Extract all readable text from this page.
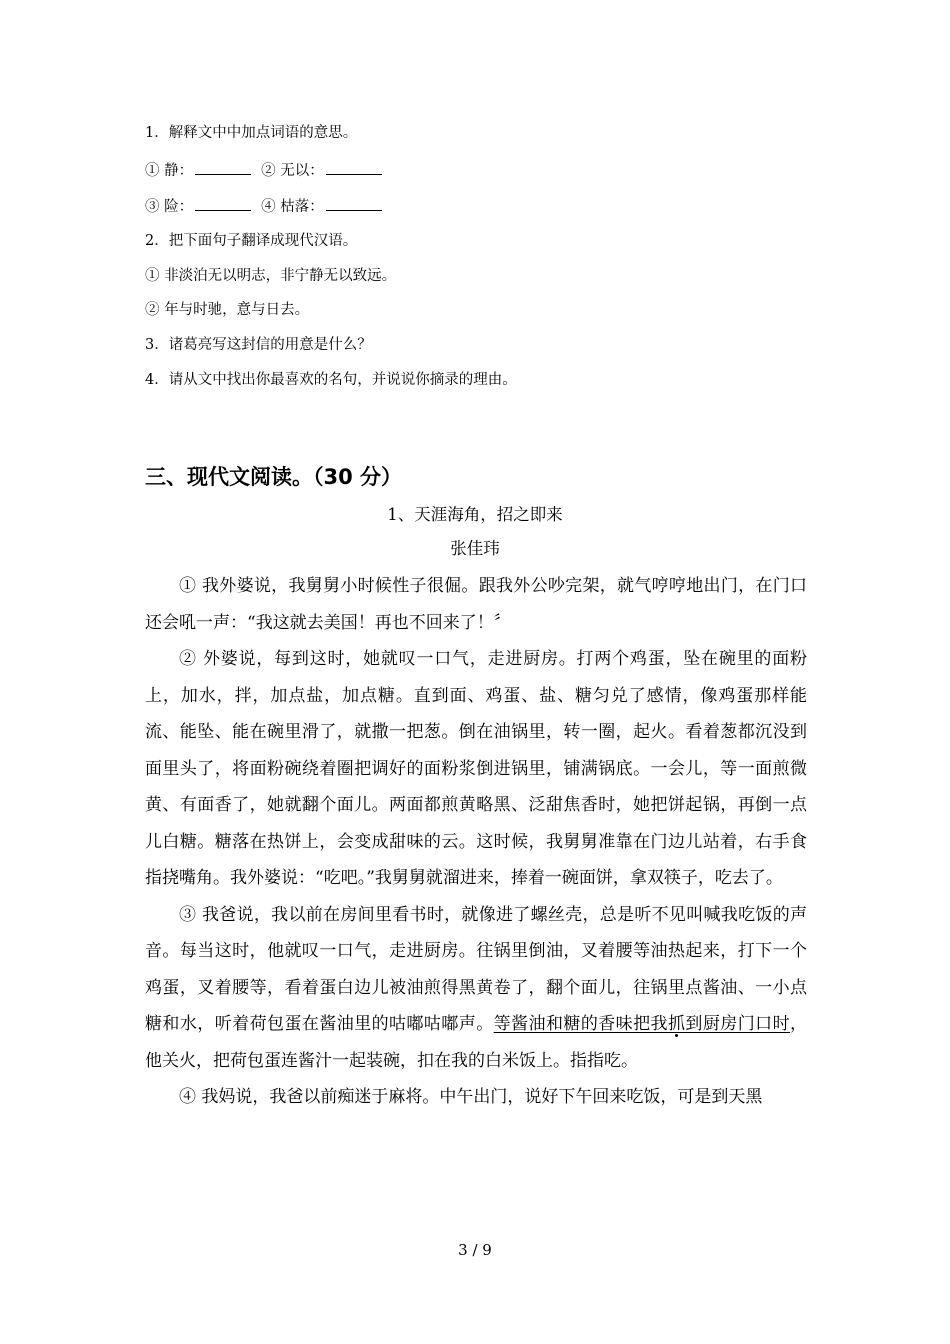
1．解释文中中加点词语的意思。
① 静：	② 无以：
③ 险：	④ 枯落：
2．把下面句子翻译成现代汉语。
① 非淡泊无以明志，非宁静无以致远。
② 年与时驰，意与日去。
3．诸葛亮写这封信的用意是什么？
4．请从文中找出你最喜欢的名句，并说说你摘录的理由。
三、现代文阅读。（30 分）
1、天涯海角，招之即来
张佳玮

① 我外婆说，我舅舅小时候性子很倔。跟我外公吵完架，就气哼哼地出门，在门口还会吼一声：“我这就去美国！再也不回来了！〞

② 外婆说，每到这时，她就叹一口气，走进厨房。打两个鸡蛋，坠在碗里的面粉上，加水，拌，加点盐，加点糖。直到面、鸡蛋、盐、糖匀兑了感情，像鸡蛋那样能流、能坠、能在碗里滑了，就撒一把葱。倒在油锅里，转一圈，起火。看着葱都沉没到面里头了，将面粉碗绕着圈把调好的面粉浆倒进锅里，铺满锅底。一会儿，等一面煎微黄、有面香了，她就翻个面儿。两面都煎黄略黑、泛甜焦香时，她把饼起锅，再倒一点儿白糖。糖落在热饼上，会变成甜味的云。这时候，我舅舅准靠在门边儿站着，右手食指挠嘴角。我外婆说：“吃吧。”我舅舅就溜进来，捧着一碗面饼，拿双筷子，吃去了。

③ 我爸说，我以前在房间里看书时，就像进了螺丝壳，总是听不见叫喊我吃饭的声音。每当这时，他就叹一口气，走进厨房。往锅里倒油，叉着腰等油热起来，打下一个鸡蛋，叉着腰等，看着蛋白边儿被油煎得黑黄卷了，翻个面儿，往锅里点酱油、一小点糖和水，听着荷包蛋在酱油里的咕嘟咕嘟声。等酱油和糖的香味把我抓到厨房门口时，他关火，把荷包蛋连酱汁一起装碗，扣在我的白米饭上。指指吃。

④ 我妈说，我爸以前痴迷于麻将。中午出门，说好下午回来吃饭，可是到天黑

3 / 9
